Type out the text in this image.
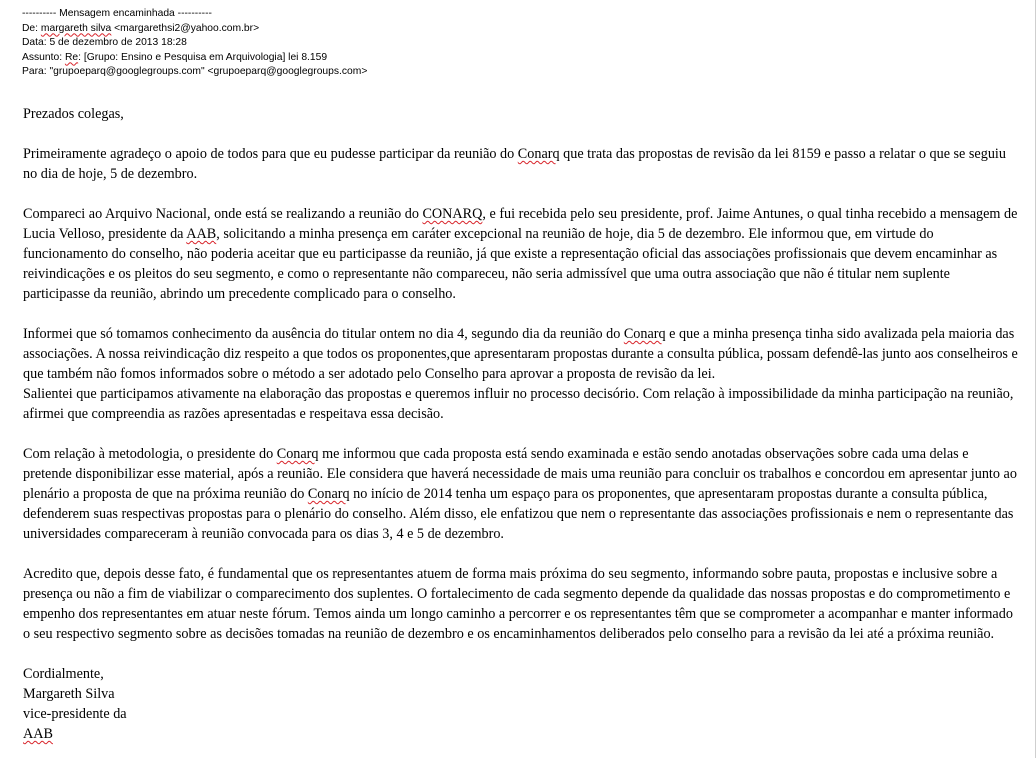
---------- Mensagem encaminhada ----------
De: margareth silva <margarethsi2@yahoo.com.br>
Data: 5 de dezembro de 2013 18:28
Assunto: Re: [Grupo: Ensino e Pesquisa em Arquivologia] lei 8.159
Para: "grupoeparq@googlegroups.com" <grupoeparq@googlegroups.com>

Prezados colegas,

Primeiramente agradeço o apoio de todos para que eu pudesse participar da reunião do Conarq que trata das propostas de revisão da lei 8159 e passo a relatar o que se seguiu no dia de hoje, 5 de dezembro.

Compareci ao Arquivo Nacional, onde está se realizando a reunião do CONARQ, e fui recebida pelo seu presidente, prof. Jaime Antunes, o qual tinha recebido a mensagem de Lucia Velloso, presidente da AAB, solicitando a minha presença em caráter excepcional na reunião de hoje, dia 5 de dezembro. Ele informou que, em virtude do funcionamento do conselho, não poderia aceitar que eu participasse da reunião, já que existe a representação oficial das associações profissionais que devem encaminhar as reivindicações e os pleitos do seu segmento, e como o representante não compareceu, não seria admissível que uma outra associação que não é titular nem suplente participasse da reunião, abrindo um precedente complicado para o conselho.

Informei que só tomamos conhecimento da ausência do titular ontem no dia 4, segundo dia da reunião do Conarq e que a minha presença tinha sido avalizada pela maioria das associações. A nossa reivindicação diz respeito a que todos os proponentes,que apresentaram propostas durante a consulta pública, possam defendê-las junto aos conselheiros e que também não fomos informados sobre o método a ser adotado pelo Conselho para aprovar a proposta de revisão da lei.
Salientei que participamos ativamente na elaboração das propostas e queremos influir no processo decisório. Com relação à impossibilidade da minha participação na reunião, afirmei que compreendia as razões apresentadas e respeitava essa decisão.

Com relação à metodologia, o presidente do Conarq me informou que cada proposta está sendo examinada e estão sendo anotadas observações sobre cada uma delas e pretende disponibilizar esse material, após a reunião. Ele considera que haverá necessidade de mais uma reunião para concluir os trabalhos e concordou em apresentar junto ao plenário a proposta de que na próxima reunião do Conarq no início de 2014 tenha um espaço para os proponentes, que apresentaram propostas durante a consulta pública, defenderem suas respectivas propostas para o plenário do conselho. Além disso, ele enfatizou que nem o representante das associações profissionais e nem o representante das universidades compareceram à reunião convocada para os dias 3, 4 e 5 de dezembro.

Acredito que, depois desse fato, é fundamental que os representantes atuem de forma mais próxima do seu segmento, informando sobre pauta, propostas e inclusive sobre a presença ou não a fim de viabilizar o comparecimento dos suplentes. O fortalecimento de cada segmento depende da qualidade das nossas propostas e do comprometimento e empenho dos representantes em atuar neste fórum. Temos ainda um longo caminho a percorrer e os representantes têm que se comprometer a acompanhar e manter informado o seu respectivo segmento sobre as decisões tomadas na reunião de dezembro e os encaminhamentos deliberados pelo conselho para a revisão da lei até a próxima reunião.

Cordialmente,
Margareth Silva
vice-presidente da
AAB
